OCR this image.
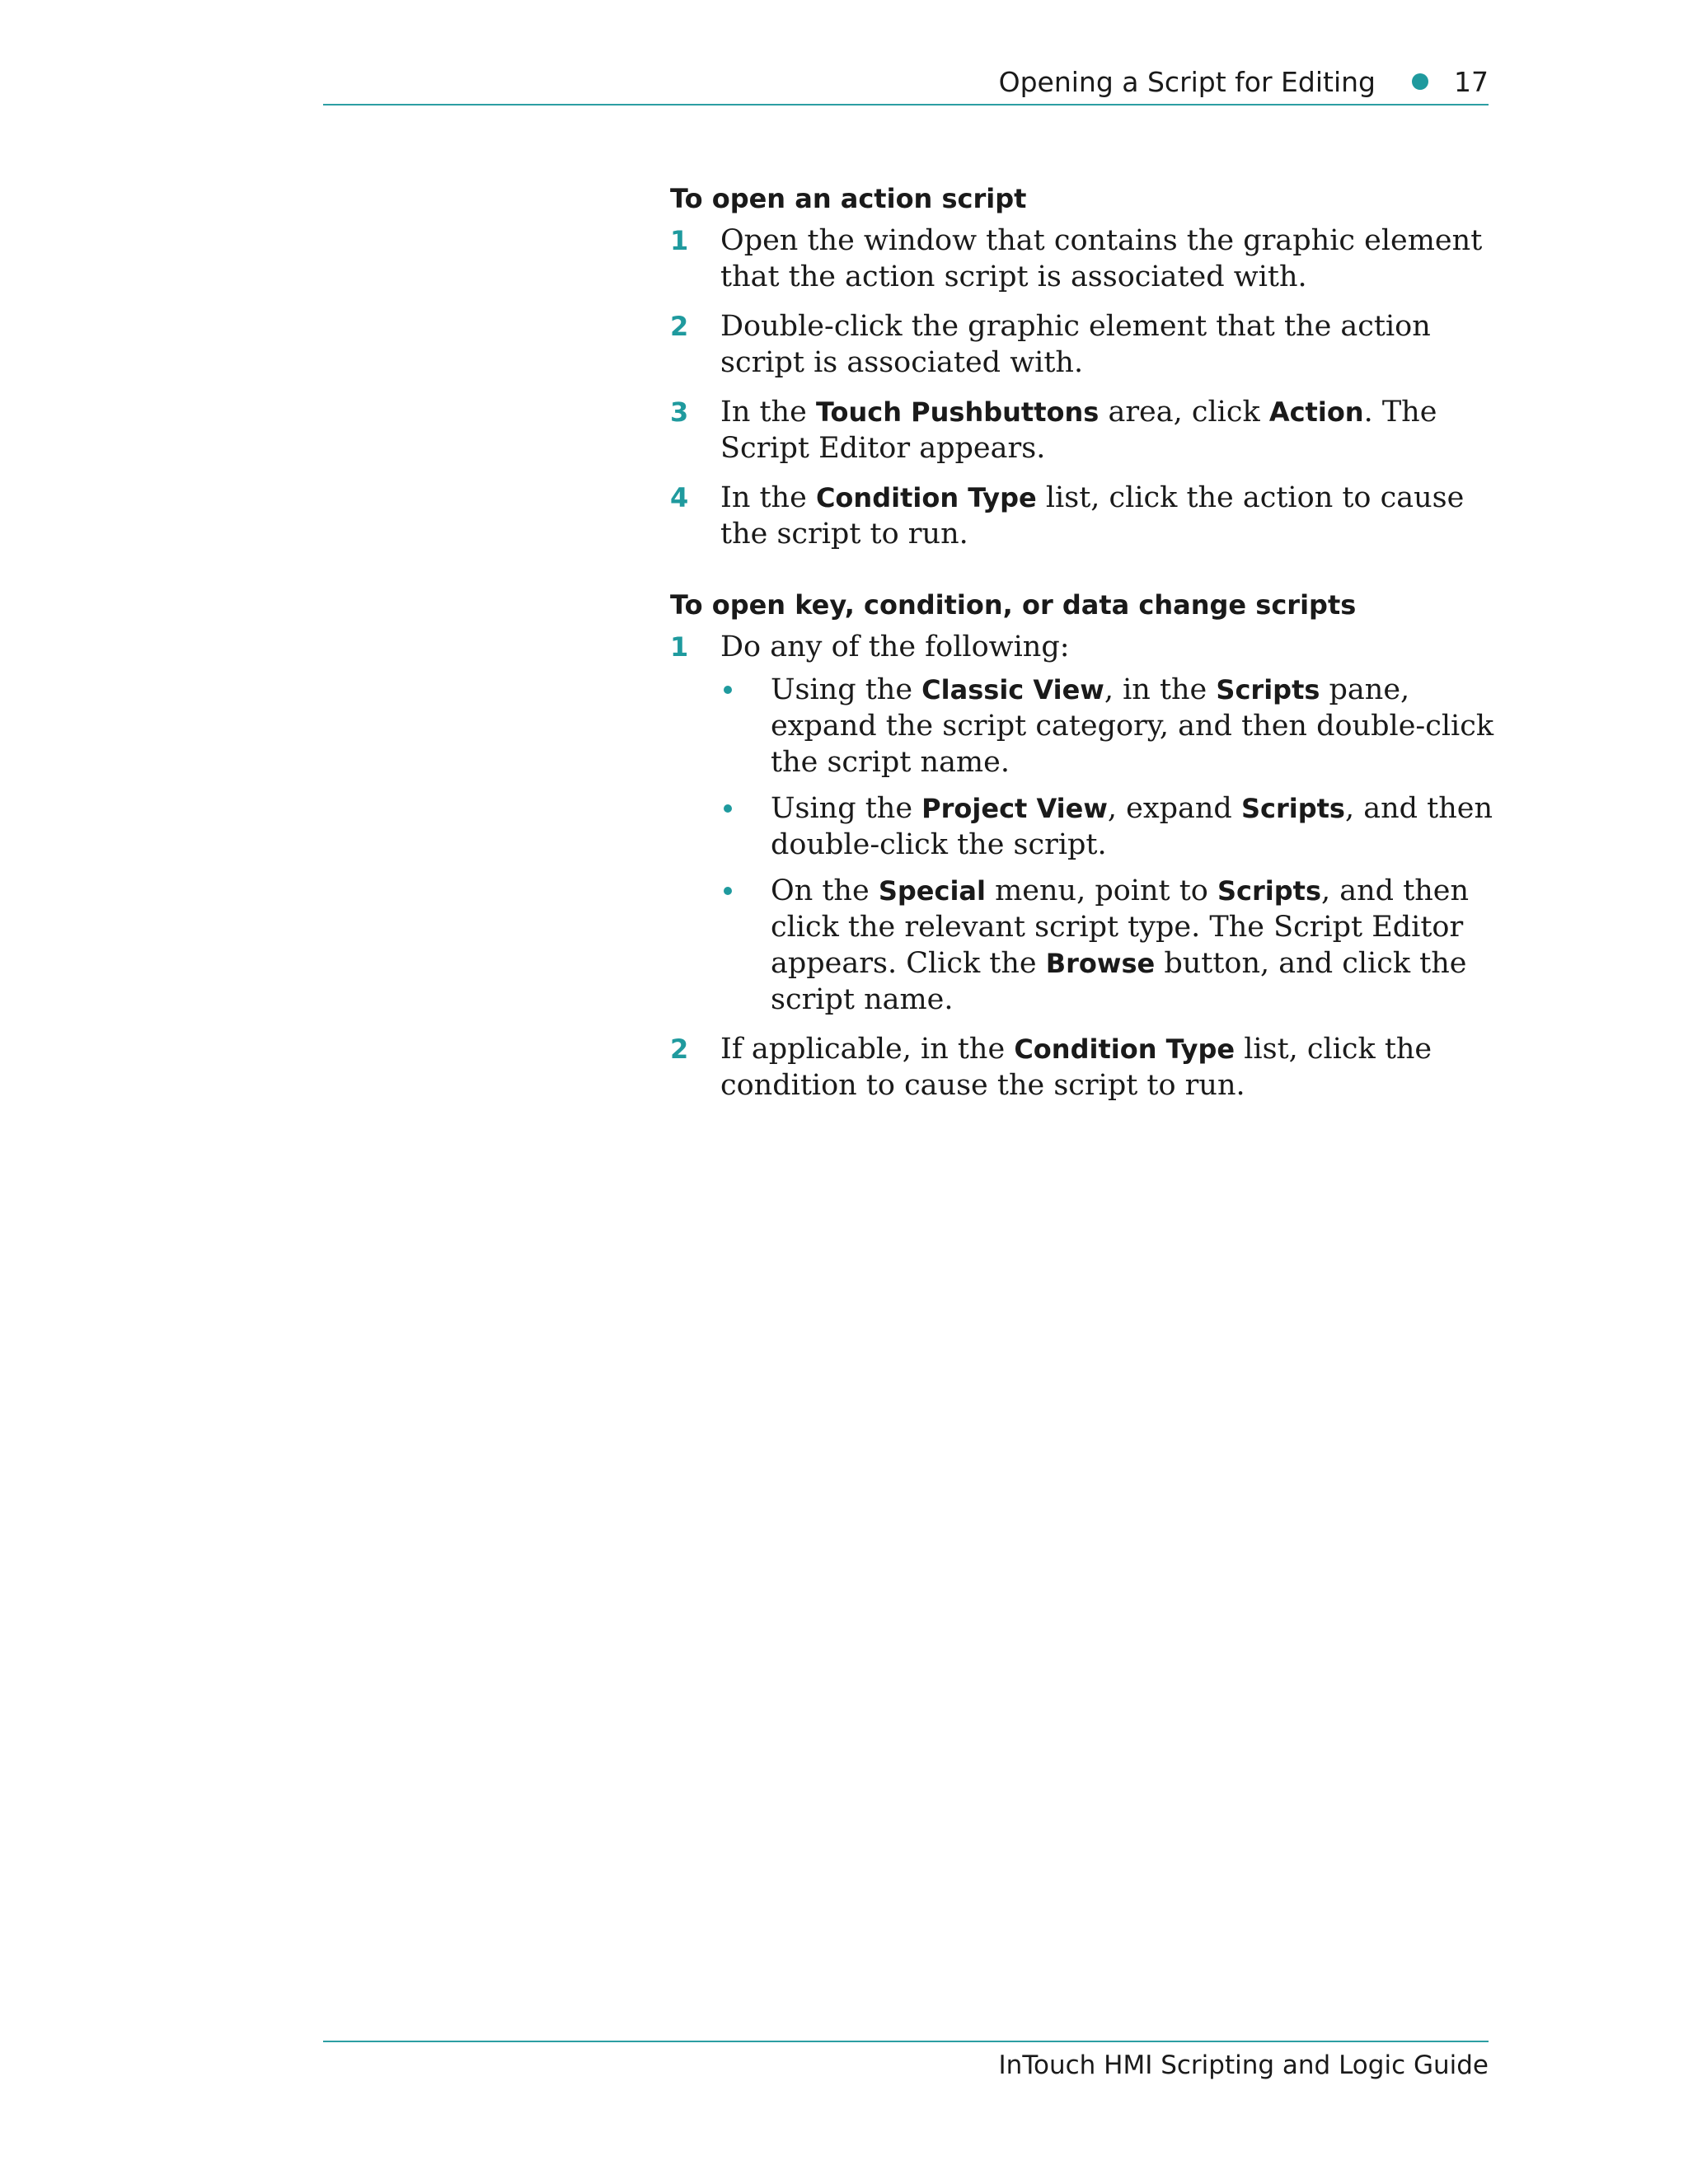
Opening a Script for Editing	17
To open an action script
1 Open the window that contains the graphic element that the action script is associated with.
2 Double-click the graphic element that the action script is associated with.
3 In the Touch Pushbuttons area, click Action. The Script Editor appears.
4 In the Condition Type list, click the action to cause the script to run.
To open key, condition, or data change scripts
1 Do any of the following:
Using the Classic View, in the Scripts pane, expand the script category, and then double-click the script name.
Using the Project View, expand Scripts, and then double-click the script.
On the Special menu, point to Scripts, and then click the relevant script type. The Script Editor appears. Click the Browse button, and click the script name.
2 If applicable, in the Condition Type list, click the condition to cause the script to run.
InTouch HMI Scripting and Logic Guide
